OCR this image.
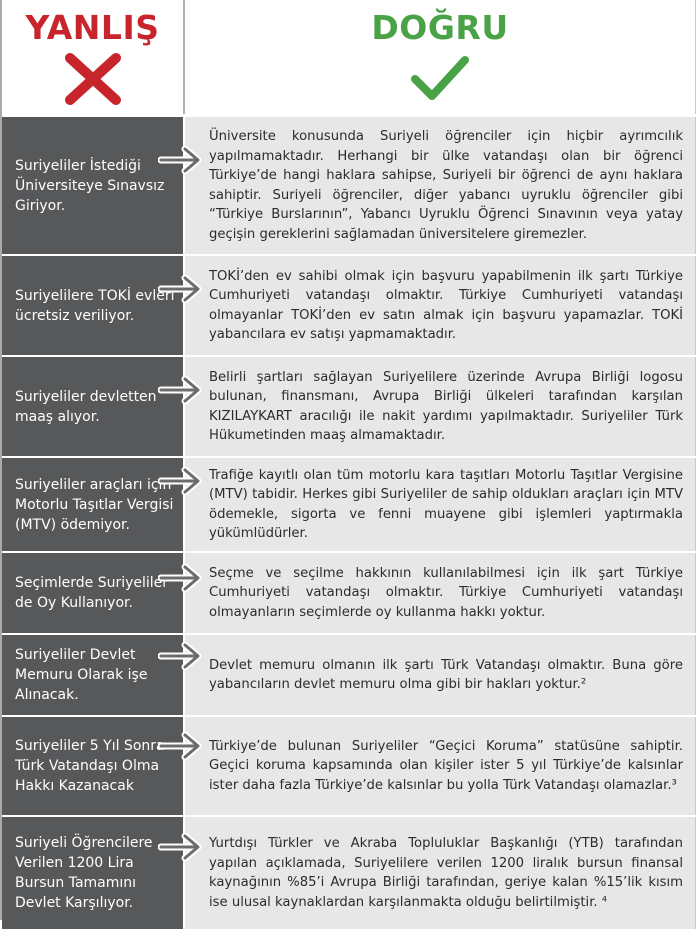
YANLIŞ	DOĞRU
Suriyeliler İstediği Üniversiteye Sınavsız Giriyor.

Üniversite konusunda Suriyeli öğrenciler için hiçbir ayrımcılık yapılmamaktadır. Herhangi bir ülke vatandaşı olan bir öğrenci Türkiye’de hangi haklara sahipse, Suriyeli bir öğrenci de aynı haklara sahiptir. Suriyeli öğrenciler, diğer yabancı uyruklu öğrenciler gibi “Türkiye Burslarının”, Yabancı Uyruklu Öğrenci Sınavının veya yatay geçişin gereklerini sağlamadan üniversitelere giremezler.

Suriyelilere TOKİ evleri ücretsiz veriliyor.

TOKİ’den ev sahibi olmak için başvuru yapabilmenin ilk şartı Türkiye Cumhuriyeti vatandaşı olmaktır. Türkiye Cumhuriyeti vatandaşı olmayanlar TOKİ’den ev satın almak için başvuru yapamazlar. TOKİ yabancılara ev satışı yapmamaktadır.

Suriyeliler devletten maaş alıyor.

Belirli şartları sağlayan Suriyelilere üzerinde Avrupa Birliği logosu bulunan, finansmanı, Avrupa Birliği ülkeleri tarafından karşılan KIZILAYKART aracılığı ile nakit yardımı yapılmaktadır. Suriyeliler Türk Hükumetinden maaş almamaktadır.

Suriyeliler araçları için Motorlu Taşıtlar Vergisi (MTV) ödemiyor.

Trafiğe kayıtlı olan tüm motorlu kara taşıtları Motorlu Taşıtlar Vergisine (MTV) tabidir. Herkes gibi Suriyeliler de sahip oldukları araçları için MTV ödemekle, sigorta ve fenni muayene gibi işlemleri yaptırmakla yükümlüdürler.

Seçimlerde Suriyeliler de Oy Kullanıyor.

Seçme ve seçilme hakkının kullanılabilmesi için ilk şart Türkiye Cumhuriyeti vatandaşı olmaktır. Türkiye Cumhuriyeti vatandaşı olmayanların seçimlerde oy kullanma hakkı yoktur.

Suriyeliler Devlet Memuru Olarak işe Alınacak.

Devlet memuru olmanın ilk şartı Türk Vatandaşı olmaktır. Buna göre yabancıların devlet memuru olma gibi bir hakları yoktur.²

Suriyeliler 5 Yıl Sonra Türk Vatandaşı Olma Hakkı Kazanacak

Türkiye’de bulunan Suriyeliler “Geçici Koruma” statüsüne sahiptir. Geçici koruma kapsamında olan kişiler ister 5 yıl Türkiye’de kalsınlar ister daha fazla Türkiye’de kalsınlar bu yolla Türk Vatandaşı olamazlar.³

Suriyeli Öğrencilere Verilen 1200 Lira Bursun Tamamını Devlet Karşılıyor.

Yurtdışı Türkler ve Akraba Topluluklar Başkanlığı (YTB) tarafından yapılan açıklamada, Suriyelilere verilen 1200 liralık bursun finansal kaynağının %85’i Avrupa Birliği tarafından, geriye kalan %15’lik kısım ise ulusal kaynaklardan karşılanmakta olduğu belirtilmiştir. ⁴
